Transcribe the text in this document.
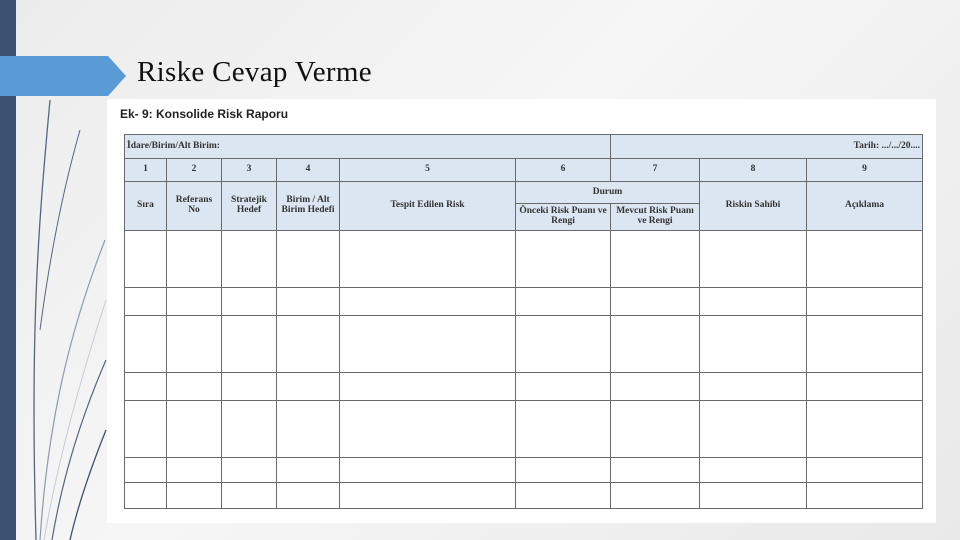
Riske Cevap Verme
Ek- 9: Konsolide Risk Raporu
İdare/Birim/Alt Birim:						Tarih: .../.../20....		
1	2	3	4	5	6	7	8	9
Sıra	Referans No	Stratejik Hedef	Birim / Alt Birim Hedefi	Tespit Edilen Risk	Durum		Riskin Sahibi	Açıklama
					Önceki Risk Puanı ve Rengi	Mevcut Risk Puanı ve Rengi		
